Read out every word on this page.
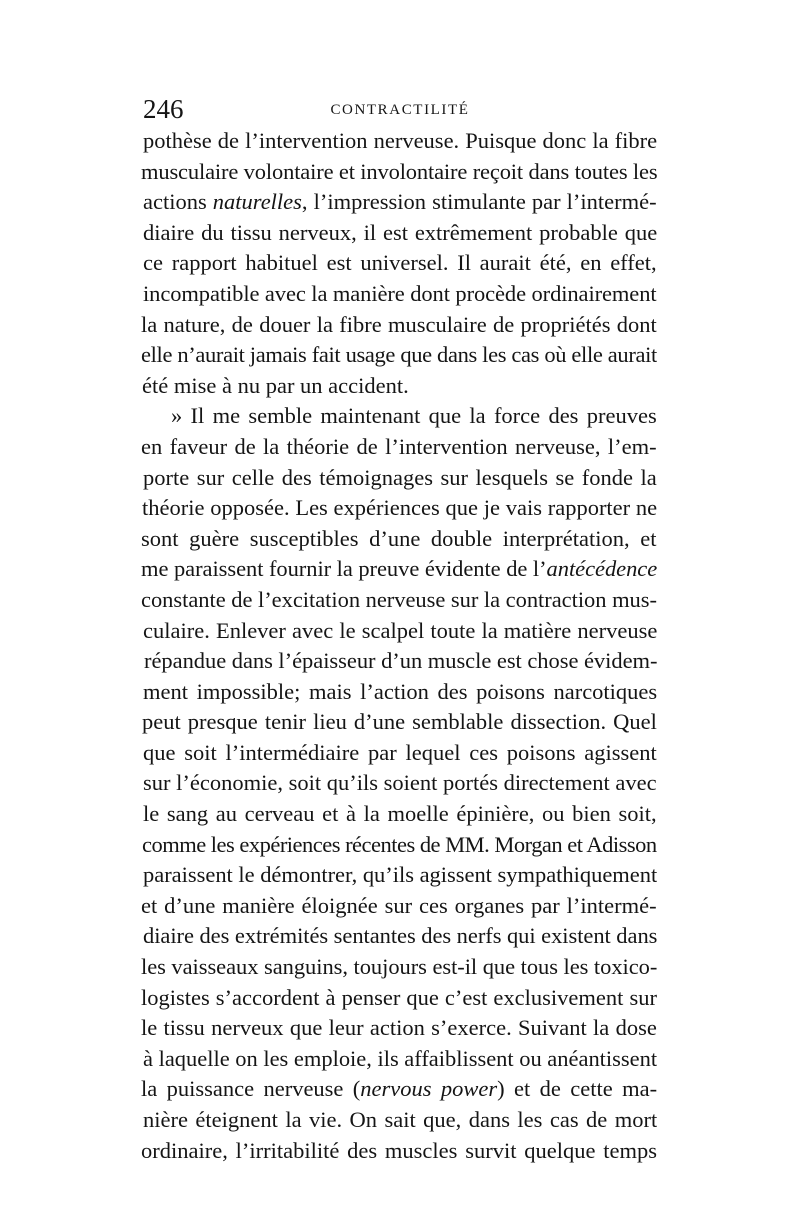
246	CONTRACTILITÉ
pothèse de l’intervention nerveuse. Puisque donc la fibre
musculaire volontaire et involontaire reçoit dans toutes les
actions naturelles, l’impression stimulante par l’intermé-
diaire du tissu nerveux, il est extrêmement probable que
ce rapport habituel est universel. Il aurait été, en effet,
incompatible avec la manière dont procède ordinairement
la nature, de douer la fibre musculaire de propriétés dont
elle n’aurait jamais fait usage que dans les cas où elle aurait
été mise à nu par un accident.
» Il me semble maintenant que la force des preuves
en faveur de la théorie de l’intervention nerveuse, l’em-
porte sur celle des témoignages sur lesquels se fonde la
théorie opposée. Les expériences que je vais rapporter ne
sont guère susceptibles d’une double interprétation, et
me paraissent fournir la preuve évidente de l’antécédence
constante de l’excitation nerveuse sur la contraction mus-
culaire. Enlever avec le scalpel toute la matière nerveuse
répandue dans l’épaisseur d’un muscle est chose évidem-
ment impossible; mais l’action des poisons narcotiques
peut presque tenir lieu d’une semblable dissection. Quel
que soit l’intermédiaire par lequel ces poisons agissent
sur l’économie, soit qu’ils soient portés directement avec
le sang au cerveau et à la moelle épinière, ou bien soit,
comme les expériences récentes de MM. Morgan et Adisson
paraissent le démontrer, qu’ils agissent sympathiquement
et d’une manière éloignée sur ces organes par l’intermé-
diaire des extrémités sentantes des nerfs qui existent dans
les vaisseaux sanguins, toujours est-il que tous les toxico-
logistes s’accordent à penser que c’est exclusivement sur
le tissu nerveux que leur action s’exerce. Suivant la dose
à laquelle on les emploie, ils affaiblissent ou anéantissent
la puissance nerveuse (nervous power) et de cette ma-
nière éteignent la vie. On sait que, dans les cas de mort
ordinaire, l’irritabilité des muscles survit quelque temps
